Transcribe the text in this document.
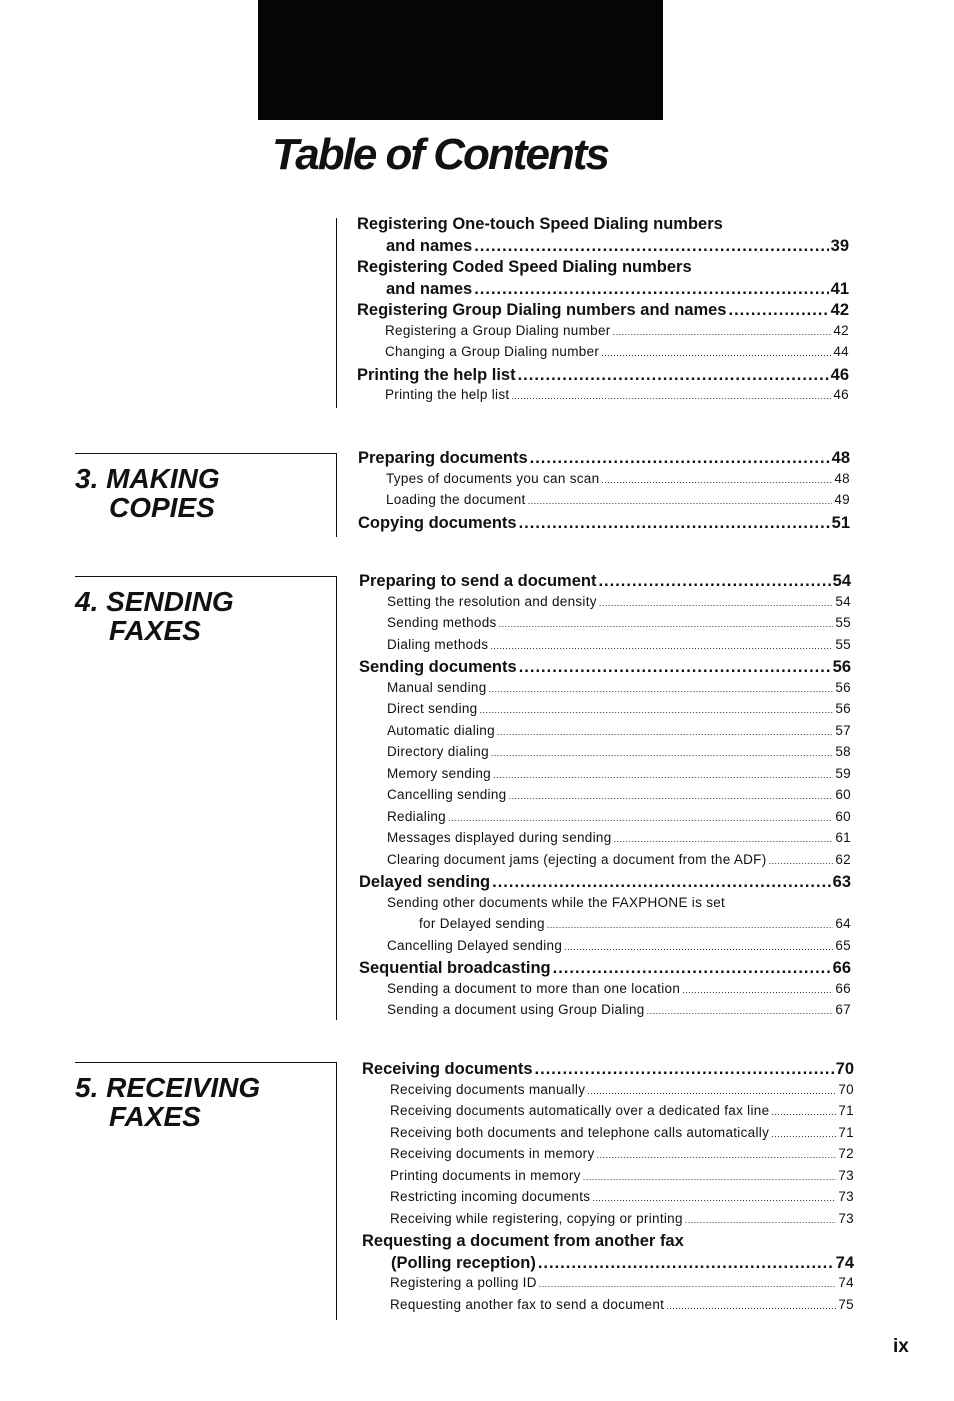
Table of Contents
3. MAKING
COPIES
4. SENDING
FAXES
5. RECEIVING
FAXES
Registering One-touch Speed Dialing numbers
and names .....	39
Registering Coded Speed Dialing numbers
and names .....	41
Registering Group Dialing numbers and names .....	42
Registering a Group Dialing number .....	42
Changing a Group Dialing number .....	44
Printing the help list .....	46
Printing the help list .....	46
Preparing documents .....	48
Types of documents you can scan .....	48
Loading the document .....	49
Copying documents .....	51
Preparing to send a document .....	54
Setting the resolution and density .....	54
Sending methods .....	55
Dialing methods .....	55
Sending documents .....	56
Manual sending .....	56
Direct sending .....	56
Automatic dialing .....	57
Directory dialing .....	58
Memory sending .....	59
Cancelling sending .....	60
Redialing .....	60
Messages displayed during sending .....	61
Clearing document jams (ejecting a document from the ADF) .....	62
Delayed sending .....	63
Sending other documents while the FAXPHONE is set
for Delayed sending .....	64
Cancelling Delayed sending .....	65
Sequential broadcasting .....	66
Sending a document to more than one location .....	66
Sending a document using Group Dialing .....	67
Receiving documents .....	70
Receiving documents manually .....	70
Receiving documents automatically over a dedicated fax line .....	71
Receiving both documents and telephone calls automatically .....	71
Receiving documents in memory .....	72
Printing documents in memory .....	73
Restricting incoming documents .....	73
Receiving while registering, copying or printing .....	73
Requesting a document from another fax
(Polling reception) .....	74
Registering a polling ID .....	74
Requesting another fax to send a document .....	75
ix
